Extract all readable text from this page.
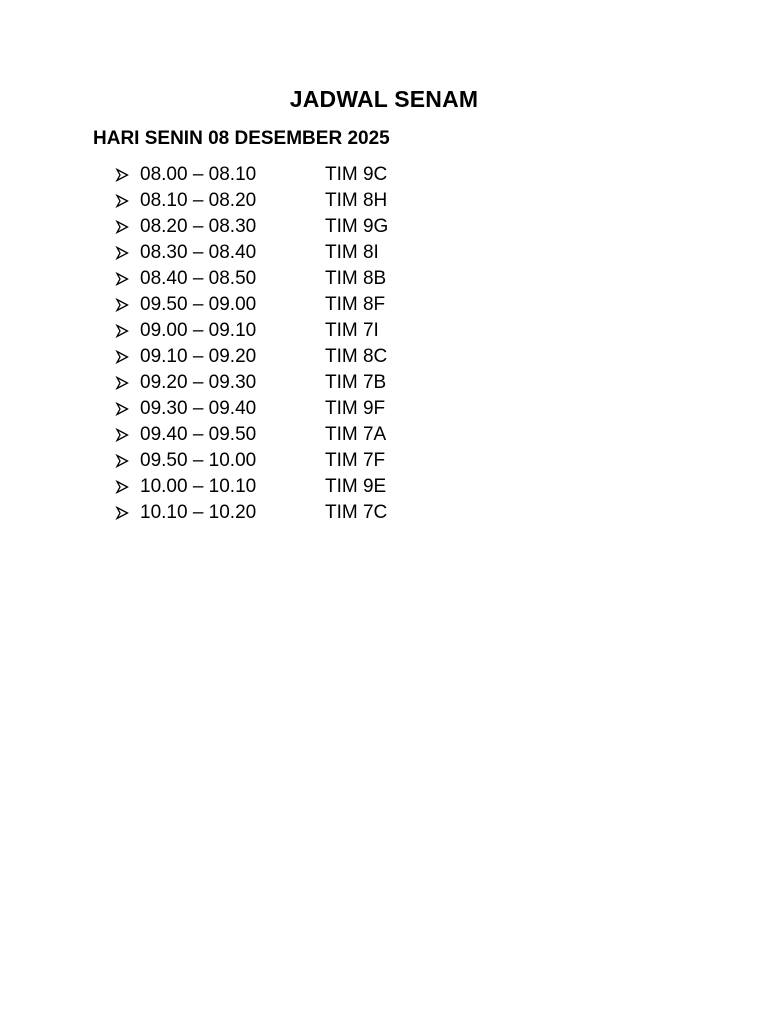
JADWAL SENAM
HARI SENIN 08 DESEMBER 2025
08.00 – 08.10	TIM 9C
08.10 – 08.20	TIM 8H
08.20 – 08.30	TIM 9G
08.30 – 08.40	TIM 8I
08.40 – 08.50	TIM 8B
09.50 – 09.00	TIM 8F
09.00 – 09.10	TIM 7I
09.10 – 09.20	TIM 8C
09.20 – 09.30	TIM 7B
09.30 – 09.40	TIM 9F
09.40 – 09.50	TIM 7A
09.50 – 10.00	TIM 7F
10.00 – 10.10	TIM 9E
10.10 – 10.20	TIM 7C
